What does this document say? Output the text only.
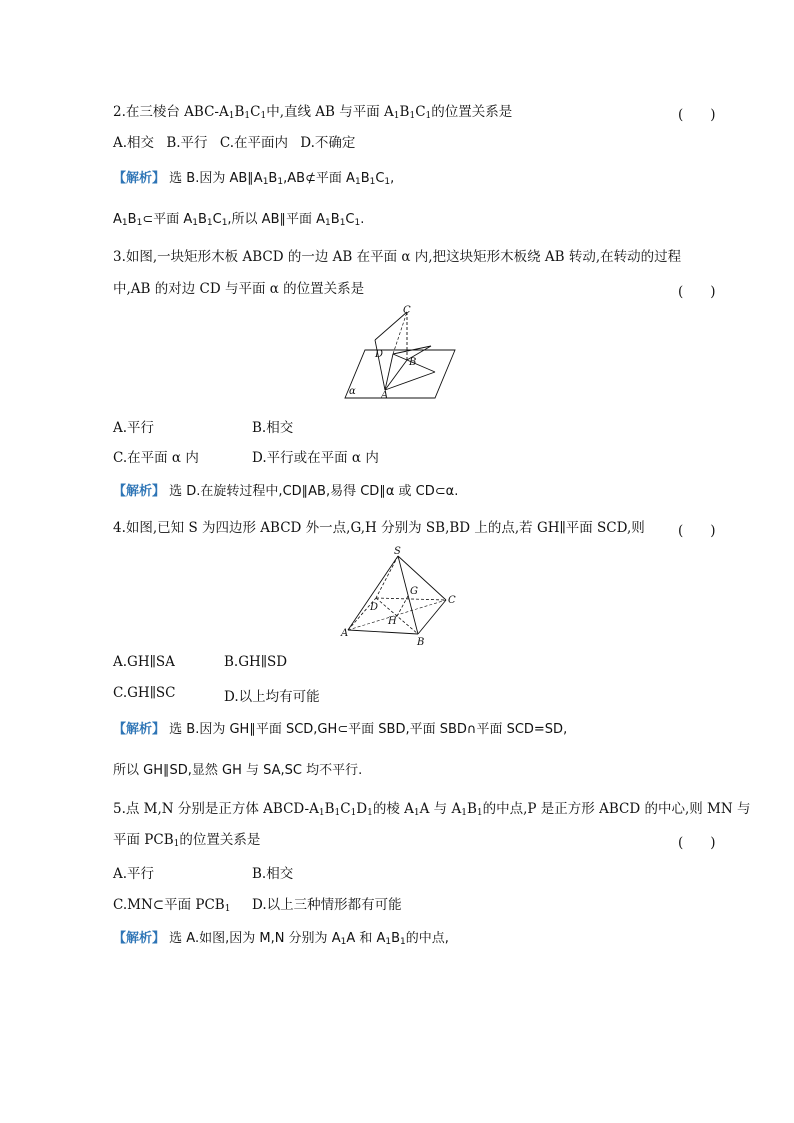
2.在三棱台 ABC-$A_1B_1C_1$中,直线 AB 与平面 $A_1B_1C_1$的位置关系是	(　　)
A.相交 B.平行 C.在平面内 D.不确定
【解析】 选 B.因为 $AB\parallel A_1B_1,AB⊄$平面 $A_1B_1C_1$,
$A_1B_1\subset$平面 $A_1B_1C_1$,所以 AB∥平面 $A_1B_1C_1$.
3.如图,一块矩形木板 ABCD 的一边 AB 在平面 α 内,把这块矩形木板绕 AB 转动,在转动的过程
中,AB 的对边 CD 与平面 α 的位置关系是	(　　)
C
D
B
α	A
A.平行	B.相交
C.在平面 α 内	D.平行或在平面 α 内
【解析】 选 D.在旋转过程中,CD∥AB,易得 CD∥α 或 CD⊂α.
4.如图,已知 S 为四边形 ABCD 外一点,G,H 分别为 SB,BD 上的点,若 GH∥平面 SCD,则 (　　)
S
G
C
D
H
A
B
A.GH∥SA	B.GH∥SD
C.GH∥SC	D.以上均有可能
【解析】 选 B.因为 GH∥平面 SCD,GH⊂平面 SBD,平面 SBD∩平面 SCD=SD,
所以 GH∥SD,显然 GH 与 SA,SC 均不平行.
5.点 M,N 分别是正方体 ABCD-$A_1B_1C_1D_1$的棱 $A_1A$ 与 $A_1B_1$的中点,P 是正方形 ABCD 的中心,则 MN 与
平面 $PCB_1$的位置关系是	(　　)
A.平行	B.相交
C.MN⊂平面 $PCB_1$ D.以上三种情形都有可能
【解析】 选 A.如图,因为 M,N 分别为 $A_1A$ 和 $A_1B_1$的中点,
